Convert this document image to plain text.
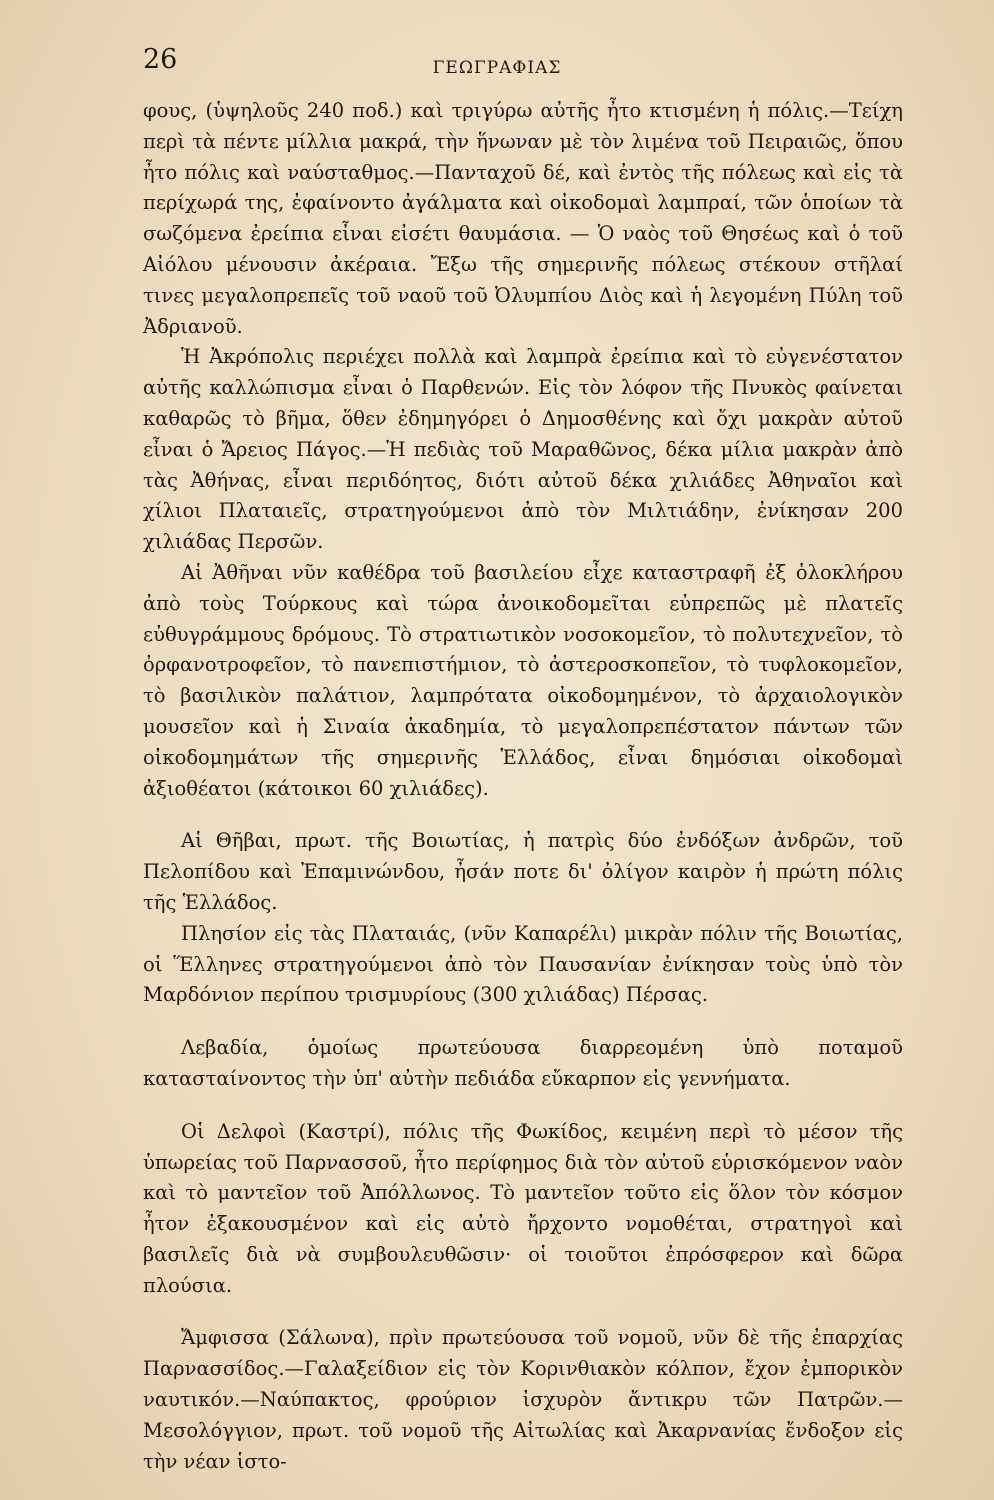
26	ΓΕΩΓΡΑΦΙΑΣ

φους, (ὑψηλοῦς 240 ποδ.) καὶ τριγύρω αὐτῆς ἦτο κτισμένη ἡ πόλις.—Τείχη περὶ τὰ πέντε μίλλια μακρά, τὴν ἥνωναν μὲ τὸν λιμένα τοῦ Πειραιῶς, ὅπου ἦτο πόλις καὶ ναύσταθμος.—Πανταχοῦ δέ, καὶ ἐντὸς τῆς πόλεως καὶ εἰς τὰ περίχωρά της, ἐφαίνοντο ἀγάλματα καὶ οἰκοδομαὶ λαμπραί, τῶν ὁποίων τὰ σωζόμενα ἐρείπια εἶναι εἰσέτι θαυμάσια. — Ὁ ναὸς τοῦ Θησέως καὶ ὁ τοῦ Αἰόλου μένουσιν ἀκέραια. Ἔξω τῆς σημερινῆς πόλεως στέκουν στῆλαί τινες μεγαλοπρεπεῖς τοῦ ναοῦ τοῦ Ὀλυμπίου Διὸς καὶ ἡ λεγομένη Πύλη τοῦ Ἀδριανοῦ.

Ἡ Ἀκρόπολις περιέχει πολλὰ καὶ λαμπρὰ ἐρείπια καὶ τὸ εὐγενέστατον αὐτῆς καλλώπισμα εἶναι ὁ Παρθενών. Εἰς τὸν λόφον τῆς Πνυκὸς φαίνεται καθαρῶς τὸ βῆμα, ὅθεν ἐδημηγόρει ὁ Δημοσθένης καὶ ὄχι μακρὰν αὐτοῦ εἶναι ὁ Ἄρειος Πάγος.—Ἡ πεδιὰς τοῦ Μαραθῶνος, δέκα μίλια μακρὰν ἀπὸ τὰς Ἀθήνας, εἶναι περιδόητος, διότι αὐτοῦ δέκα χιλιάδες Ἀθηναῖοι καὶ χίλιοι Πλαταιεῖς, στρατηγούμενοι ἀπὸ τὸν Μιλτιάδην, ἐνίκησαν 200 χιλιάδας Περσῶν.

Αἱ Ἀθῆναι νῦν καθέδρα τοῦ βασιλείου εἶχε καταστραφῆ ἐξ ὁλοκλήρου ἀπὸ τοὺς Τούρκους καὶ τώρα ἀνοικοδομεῖται εὐπρεπῶς μὲ πλατεῖς εὐθυγράμμους δρόμους. Τὸ στρατιωτικὸν νοσοκομεῖον, τὸ πολυτεχνεῖον, τὸ ὀρφανοτροφεῖον, τὸ πανεπιστήμιον, τὸ ἀστεροσκοπεῖον, τὸ τυφλοκομεῖον, τὸ βασιλικὸν παλάτιον, λαμπρότατα οἰκοδομημένον, τὸ ἀρχαιολογικὸν μουσεῖον καὶ ἡ Σιναία ἀκαδημία, τὸ μεγαλοπρεπέστατον πάντων τῶν οἰκοδομημάτων τῆς σημερινῆς Ἑλλάδος, εἶναι δημόσιαι οἰκοδομαὶ ἀξιοθέατοι (κάτοικοι 60 χιλιάδες).

Αἱ Θῆβαι, πρωτ. τῆς Βοιωτίας, ἡ πατρὶς δύο ἐνδόξων ἀνδρῶν, τοῦ Πελοπίδου καὶ Ἐπαμινώνδου, ἦσάν ποτε δι' ὀλίγον καιρὸν ἡ πρώτη πόλις τῆς Ἑλλάδος.

Πλησίον εἰς τὰς Πλαταιάς, (νῦν Καπαρέλι) μικρὰν πόλιν τῆς Βοιωτίας, οἱ Ἕλληνες στρατηγούμενοι ἀπὸ τὸν Παυσανίαν ἐνίκησαν τοὺς ὑπὸ τὸν Μαρδόνιον περίπου τρισμυρίους (300 χιλιάδας) Πέρσας.

Λεβαδία, ὁμοίως πρωτεύουσα διαρρεομένη ὑπὸ ποταμοῦ κατασταίνοντος τὴν ὑπ' αὐτὴν πεδιάδα εὔκαρπον εἰς γεννήματα.

Οἱ Δελφοὶ (Καστρί), πόλις τῆς Φωκίδος, κειμένη περὶ τὸ μέσον τῆς ὑπωρείας τοῦ Παρνασσοῦ, ἦτο περίφημος διὰ τὸν αὐτοῦ εὑρισκόμενον ναὸν καὶ τὸ μαντεῖον τοῦ Ἀπόλλωνος. Τὸ μαντεῖον τοῦτο εἰς ὅλον τὸν κόσμον ἦτον ἐξακουσμένον καὶ εἰς αὐτὸ ἤρχοντο νομοθέται, στρατηγοὶ καὶ βασιλεῖς διὰ νὰ συμβουλευθῶσιν· οἱ τοιοῦτοι ἐπρόσφερον καὶ δῶρα πλούσια.

Ἄμφισσα (Σάλωνα), πρὶν πρωτεύουσα τοῦ νομοῦ, νῦν δὲ τῆς ἐπαρχίας Παρνασσίδος.—Γαλαξείδιον εἰς τὸν Κορινθιακὸν κόλπον, ἔχον ἐμπορικὸν ναυτικόν.—Ναύπακτος, φρούριον ἰσχυρὸν ἄντικρυ τῶν Πατρῶν.—Μεσολόγγιον, πρωτ. τοῦ νομοῦ τῆς Αἰτωλίας καὶ Ἀκαρνανίας ἔνδοξον εἰς τὴν νέαν ἱστο-
